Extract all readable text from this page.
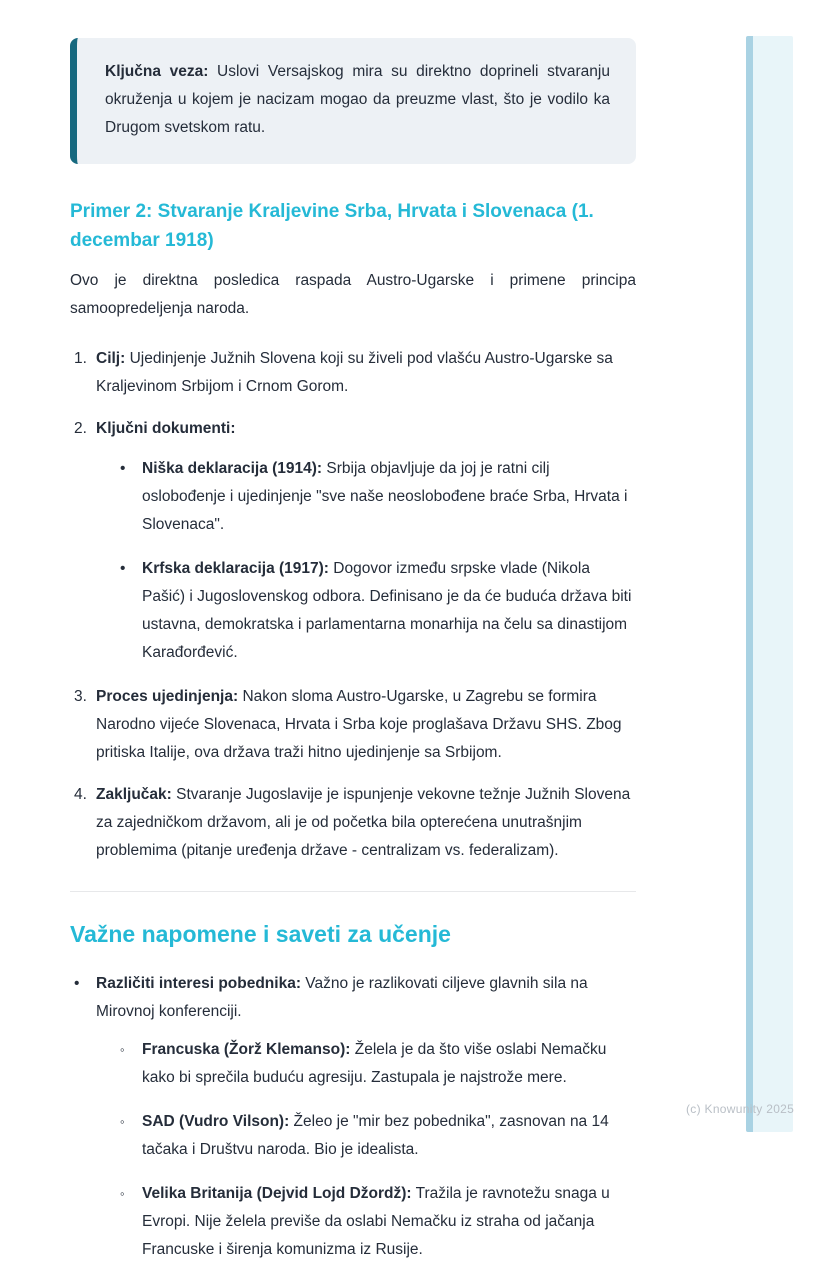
(c) Knowunity 2025

Ključna veza: Uslovi Versajskog mira su direktno doprineli stvaranju okruženja u kojem je nacizam mogao da preuzme vlast, što je vodilo ka Drugom svetskom ratu.

Primer 2: Stvaranje Kraljevine Srba, Hrvata i Slovenaca (1. decembar 1918)

Ovo je direktna posledica raspada Austro-Ugarske i primene principa samoopredeljenja naroda.

1. Cilj: Ujedinjenje Južnih Slovena koji su živeli pod vlašću Austro-Ugarske sa Kraljevinom Srbijom i Crnom Gorom.
2. Ključni dokumenti:
•	Niška deklaracija (1914): Srbija objavljuje da joj je ratni cilj oslobođenje i ujedinjenje "sve naše neoslobođene braće Srba, Hrvata i Slovenaca".
•	Krfska deklaracija (1917): Dogovor između srpske vlade (Nikola Pašić) i Jugoslovenskog odbora. Definisano je da će buduća država biti ustavna, demokratska i parlamentarna monarhija na čelu sa dinastijom Karađorđević.
3. Proces ujedinjenja: Nakon sloma Austro-Ugarske, u Zagrebu se formira Narodno vijeće Slovenaca, Hrvata i Srba koje proglašava Državu SHS. Zbog pritiska Italije, ova država traži hitno ujedinjenje sa Srbijom.
4. Zaključak: Stvaranje Jugoslavije je ispunjenje vekovne težnje Južnih Slovena za zajedničkom državom, ali je od početka bila opterećena unutrašnjim problemima (pitanje uređenja države - centralizam vs. federalizam).
Važne napomene i saveti za učenje
•	Različiti interesi pobednika: Važno je razlikovati ciljeve glavnih sila na Mirovnoj konferenciji.
◦	Francuska (Žorž Klemanso): Želela je da što više oslabi Nemačku kako bi sprečila buduću agresiju. Zastupala je najstrože mere.
◦	SAD (Vudro Vilson): Želeo je "mir bez pobednika", zasnovan na 14 tačaka i Društvu naroda. Bio je idealista.
◦	Velika Britanija (Dejvid Lojd Džordž): Tražila je ravnotežu snaga u Evropi. Nije želela previše da oslabi Nemačku iz straha od jačanja Francuske i širenja komunizma iz Rusije.
